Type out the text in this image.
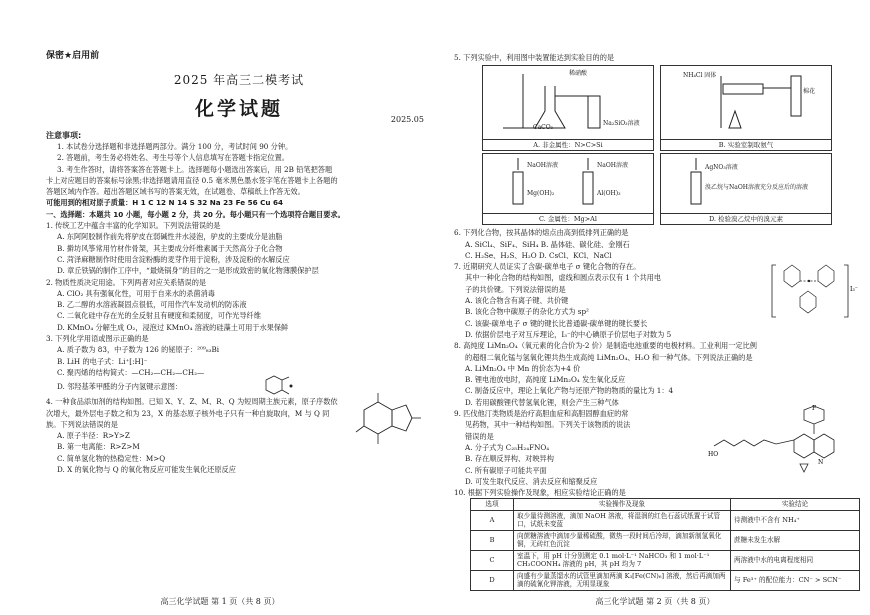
保密★启用前
2025 年高三二模考试
化学试题	2025.05
注意事项:
1. 本试卷分选择题和非选择题两部分。满分 100 分，考试时间 90 分钟。
2. 答题前，考生务必将姓名、考生号等个人信息填写在答题卡指定位置。
3. 考生作答时，请将答案答在答题卡上。选择题每小题选出答案后，用 2B 铅笔把答题
卡上对应题目的答案标号涂黑;非选择题请用直径 0.5 毫米黑色墨水签字笔在答题卡上各题的
答题区域内作答。超出答题区域书写的答案无效，在试题卷、草稿纸上作答无效。
可能用到的相对原子质量：H 1 C 12 N 14 S 32 Na 23 Fe 56 Cu 64
一、选择题：本题共 10 小题，每小题 2 分，共 20 分。每小题只有一个选项符合题目要求。
1. 传统工艺中蕴含丰富的化学知识。下列说法错误的是
A. 东阿阿胶制作前先将驴皮在弱碱性井水浸泡，驴皮的主要成分是油脂
B. 擀坊风筝常用竹材作骨架，其主要成分纤维素属于天然高分子化合物
C. 菏泽麻糖制作时使用含淀粉酶的麦芽作用于淀粉，涉及淀粉的水解反应
D. 章丘铁锅的制作工序中，“最烧锅身”的目的之一是形成致密的氧化物薄膜保护层
2. 物质性质决定用途。下列两者对应关系错误的是
A. ClO₂ 具有强氧化性，可用于自来水的杀菌消毒
B. 乙二醇的水溶液凝固点很低，可用作汽车发动机的防冻液
C. 二氧化硅中存在光的全反射且有硬度和柔韧度，可作光导纤维
D. KMnO₄ 分解生成 O₂，浸泡过 KMnO₄ 溶液的硅藻土可用于水果保鲜
3. 下列化学用语或图示正确的是
A. 质子数为 83，中子数为 126 的铋原子：²⁰⁹₈₃Bi
B. LiH 的电子式：Li⁺[:H]⁻
C. 聚丙烯的结构简式：—CH₂—CH₂—CH₂—
D. 邻羟基苯甲醛的分子内氢键示意图：
4. 一种食品添加剂的结构如图。已知 X、Y、Z、M、R、Q 为短周期主族元素，原子序数依
次增大，最外层电子数之和为 23，X 的基态原子核外电子只有一种自旋取向，M 与 Q 同
族。下列说法错误的是
A. 原子半径：R>Y>Z
B. 第一电离能：R>Z>M
C. 简单氢化物的热稳定性：M>Q
D. X 的氧化物与 Q 的氧化物反应可能发生氧化还原反应
高三化学试题 第 1 页（共 8 页）
5. 下列实验中，利用图中装置能达到实验目的的是
稀硝酸
CaCO₃
Na₂SiO₃溶液
A. 非金属性：N>C>Si
NH₄Cl 固体
棉花
B. 实验室制取氨气
NaOH溶液	NaOH溶液
Mg(OH)₂	Al(OH)₃
C. 金属性：Mg>Al
AgNO₃溶液
溴乙烷与NaOH溶液充分反应后的溶液
D. 检验溴乙烷中的溴元素
6. 下列化合物，按其晶体的熔点由高到低排列正确的是
A. SiCl₄、SiF₄、SiH₄ B. 晶体硅、碳化硅、金刚石
C. H₂Se、H₂S、H₂O D. CsCl、KCl、NaCl
7. 近期研究人员证实了含碳-碳单电子 σ 键化合物的存在。
其中一种化合物的结构如图，虚线和圆点表示仅有 1 个共用电
子的共价键。下列说法错误的是
A. 该化合物含有离子键、共价键
B. 该化合物中碳原子的杂化方式为 sp²
C. 该碳-碳单电子 σ 键的键长比普通碳-碳单键的键长要长
D. 依据价层电子对互斥理论，I₃⁻的中心碘原子价层电子对数为 5
I₃⁻
8. 高纯度 LiMn₂O₄（氧元素的化合价为-2 价）是制造电池重要的电极材料。工业利用一定比例
的超细二氧化锰与氢氧化锂共热生成高纯 LiMn₂O₄、H₂O 和一种气体。下列说法正确的是
A. LiMn₂O₄ 中 Mn 的价态为+4 价
B. 锂电池放电时，高纯度 LiMn₂O₄ 发生氧化反应
C. 制备反应中，理论上氧化产物与还原产物的物质的量比为 1：4
D. 若用碳酸锂代替氢氧化锂，则会产生三种气体
9. 匹伐他汀类物质是治疗高胆血症和高胆固醇血症的常
见药物，其中一种结构如图。下列关于该物质的说法
错误的是
A. 分子式为 C₂₅H₂₄FNO₄
B. 存在顺反异构、对映异构
C. 所有碳原子可能共平面
D. 可发生取代反应、消去反应和缩聚反应
F
HO
N
10. 根据下列实验操作及现象，相应实验结论正确的是
选项	实验操作及现象	实验结论
A	取少量待测溶液，滴加 NaOH 溶液，将湿润的红色石蕊试纸置于试管口，试纸未变蓝	待测液中不含有 NH₄⁺
B	向蔗糖溶液中滴加少量稀硫酸，微热一段时间后冷却，滴加新制氢氧化铜，无砖红色沉淀	蔗糖未发生水解
C	室温下，用 pH 计分别测定 0.1 mol·L⁻¹ NaHCO₃ 和 1 mol·L⁻¹ CH₃COONH₄ 溶液的 pH，其 pH 均为 7	两溶液中水的电离程度相同
D	向盛有少量蒸馏水的试管里滴加两滴 K₃[Fe(CN)₆] 溶液，然后再滴加两滴的硫氰化钾溶液，无明显现象	与 Fe³⁺ 的配位能力：CN⁻ > SCN⁻
高三化学试题 第 2 页（共 8 页）
